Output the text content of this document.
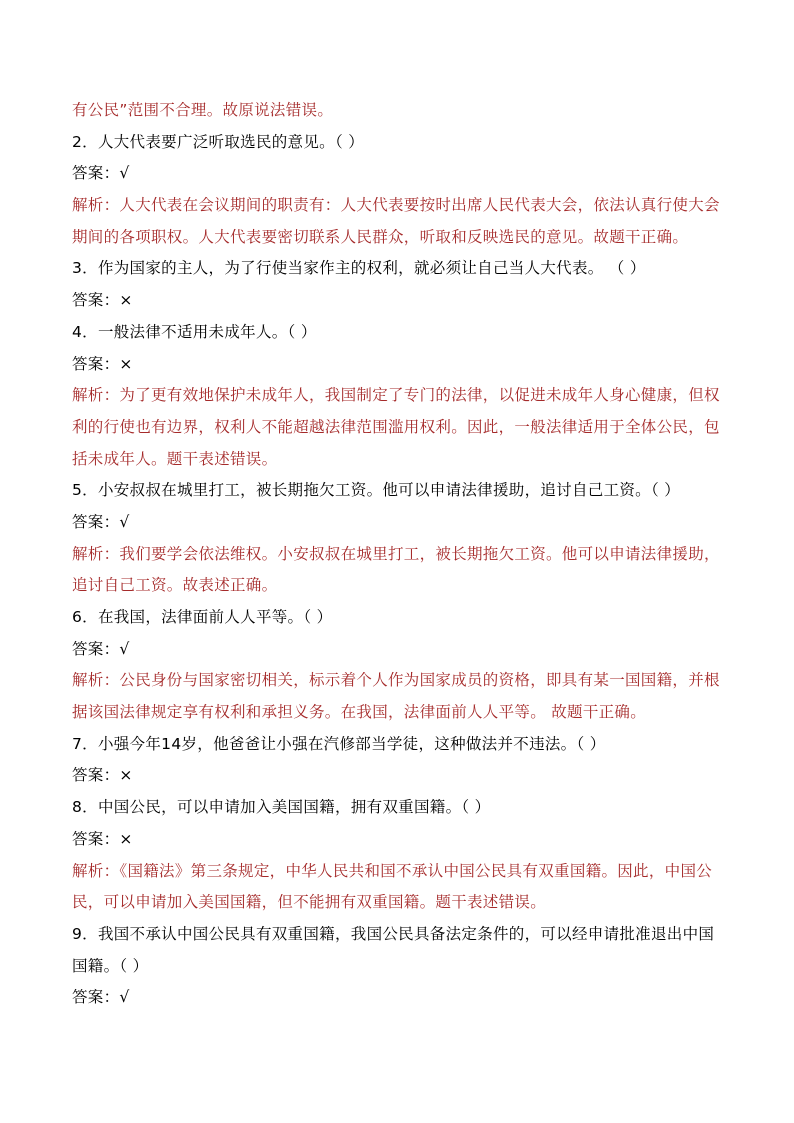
有公民”范围不合理。故原说法错误。
2．人大代表要广泛听取选民的意见。（ ）
答案：√
解析：人大代表在会议期间的职责有：人大代表要按时出席人民代表大会，依法认真行使大会
期间的各项职权。人大代表要密切联系人民群众，听取和反映选民的意见。故题干正确。
3．作为国家的主人，为了行使当家作主的权利，就必须让自己当人大代表。 （ ）
答案：×
4．一般法律不适用未成年人。（ ）
答案：×
解析：为了更有效地保护未成年人，我国制定了专门的法律，以促进未成年人身心健康，但权
利的行使也有边界，权利人不能超越法律范围滥用权利。因此，一般法律适用于全体公民，包
括未成年人。题干表述错误。
5．小安叔叔在城里打工，被长期拖欠工资。他可以申请法律援助，追讨自己工资。（ ）
答案：√
解析：我们要学会依法维权。小安叔叔在城里打工，被长期拖欠工资。他可以申请法律援助，
追讨自己工资。故表述正确。
6．在我国，法律面前人人平等。（ ）
答案：√
解析：公民身份与国家密切相关，标示着个人作为国家成员的资格，即具有某一国国籍，并根
据该国法律规定享有权利和承担义务。在我国，法律面前人人平等。 故题干正确。
7．小强今年14岁，他爸爸让小强在汽修部当学徒，这种做法并不违法。（ ）
答案：×
8．中国公民，可以申请加入美国国籍，拥有双重国籍。（ ）
答案：×
解析：《国籍法》第三条规定，中华人民共和国不承认中国公民具有双重国籍。因此，中国公
民，可以申请加入美国国籍，但不能拥有双重国籍。题干表述错误。
9．我国不承认中国公民具有双重国籍，我国公民具备法定条件的，可以经申请批准退出中国
国籍。（ ）
答案：√
